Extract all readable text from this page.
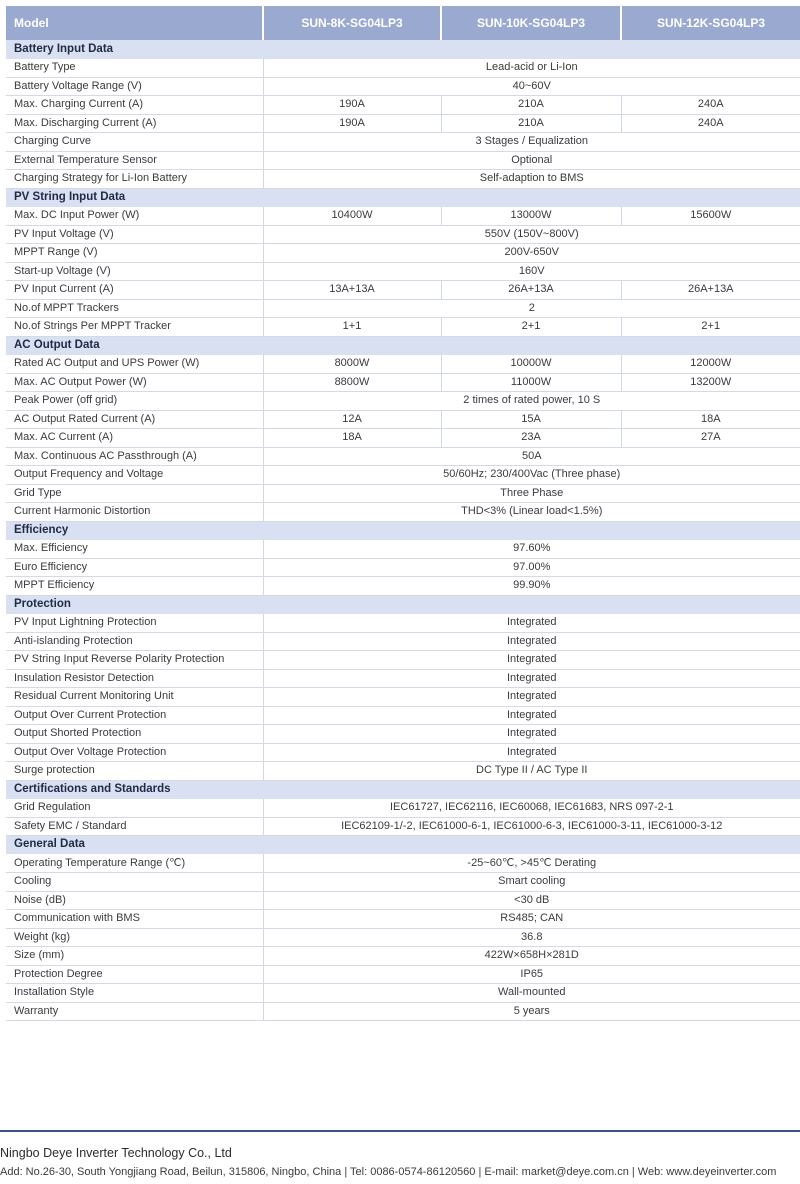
Model	SUN-8K-SG04LP3	SUN-10K-SG04LP3	SUN-12K-SG04LP3
Battery Input Data			
Battery Type	Lead-acid or Li-Ion		
Battery Voltage Range (V)	40~60V		
Max. Charging Current (A)	190A	210A	240A
Max. Discharging Current (A)	190A	210A	240A
Charging Curve	3 Stages / Equalization		
External Temperature Sensor	Optional		
Charging Strategy for Li-Ion Battery	Self-adaption to BMS		
PV String Input Data			
Max. DC Input Power (W)	10400W	13000W	15600W
PV Input Voltage (V)	550V (150V~800V)		
MPPT Range (V)	200V-650V		
Start-up Voltage (V)	160V		
PV Input Current (A)	13A+13A	26A+13A	26A+13A
No.of MPPT Trackers	2		
No.of Strings Per MPPT Tracker	1+1	2+1	2+1
AC Output Data			
Rated AC Output and UPS Power (W)	8000W	10000W	12000W
Max. AC Output Power (W)	8800W	11000W	13200W
Peak Power (off grid)	2 times of rated power, 10 S		
AC Output Rated Current (A)	12A	15A	18A
Max. AC Current (A)	18A	23A	27A
Max. Continuous AC Passthrough (A)	50A		
Output Frequency and Voltage	50/60Hz; 230/400Vac (Three phase)		
Grid Type	Three Phase		
Current Harmonic Distortion	THD<3% (Linear load<1.5%)		
Efficiency			
Max. Efficiency	97.60%		
Euro Efficiency	97.00%		
MPPT Efficiency	99.90%		
Protection			
PV Input Lightning Protection	Integrated		
Anti-islanding Protection	Integrated		
PV String Input Reverse Polarity Protection	Integrated		
Insulation Resistor Detection	Integrated		
Residual Current Monitoring Unit	Integrated		
Output Over Current Protection	Integrated		
Output Shorted Protection	Integrated		
Output Over Voltage Protection	Integrated		
Surge protection	DC Type II / AC Type II		
Certifications and Standards			
Grid Regulation	IEC61727, IEC62116, IEC60068, IEC61683, NRS 097-2-1		
Safety EMC / Standard	IEC62109-1/-2, IEC61000-6-1, IEC61000-6-3, IEC61000-3-11, IEC61000-3-12		
General Data			
Operating Temperature Range (℃)	-25~60℃, >45℃ Derating		
Cooling	Smart cooling		
Noise (dB)	<30 dB		
Communication with BMS	RS485; CAN		
Weight (kg)	36.8		
Size (mm)	422W×658H×281D		
Protection Degree	IP65		
Installation Style	Wall-mounted		
Warranty	5 years		
Ningbo Deye Inverter Technology Co., Ltd
Add: No.26-30, South Yongjiang Road, Beilun, 315806, Ningbo, China | Tel: 0086-0574-86120560 | E-mail: market@deye.com.cn | Web: www.deyeinverter.com
